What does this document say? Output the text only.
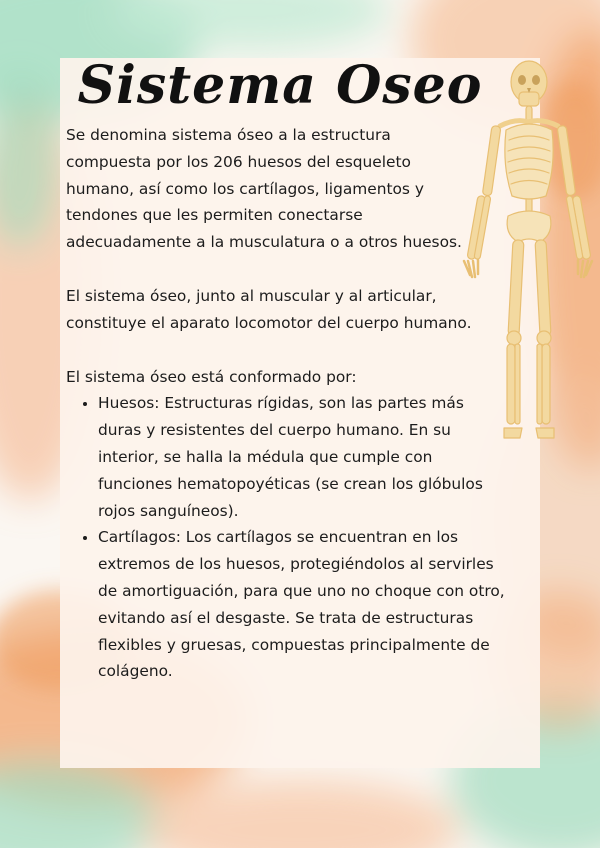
Sistema Oseo

Se denomina sistema óseo a la estructura compuesta por los 206 huesos del esqueleto humano, así como los cartílagos, ligamentos y tendones que les permiten conectarse adecuadamente a la musculatura o a otros huesos.

El sistema óseo, junto al muscular y al articular, constituye el aparato locomotor del cuerpo humano.

El sistema óseo está conformado por:

• Huesos: Estructuras rígidas, son las partes más duras y resistentes del cuerpo humano. En su interior, se halla la médula que cumple con funciones hematopoyéticas (se crean los glóbulos rojos sanguíneos).
• Cartílagos: Los cartílagos se encuentran en los extremos de los huesos, protegiéndolos al servirles de amortiguación, para que uno no choque con otro, evitando así el desgaste. Se trata de estructuras flexibles y gruesas, compuestas principalmente de colágeno.
